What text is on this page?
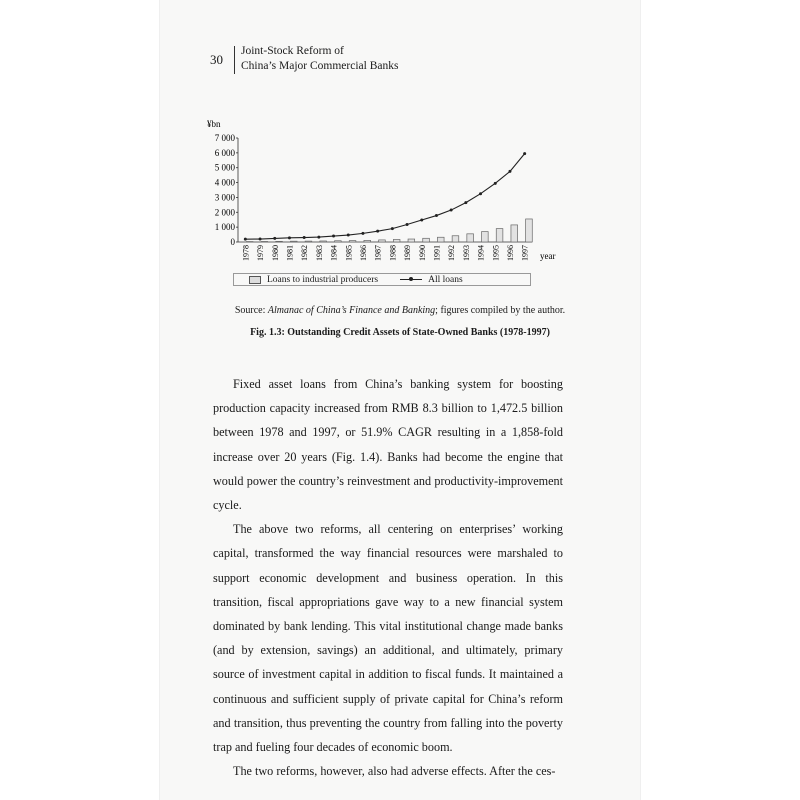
30
Joint-Stock Reform of
China’s Major Commercial Banks
¥bn
0
1 000
2 000
3 000
4 000
5 000
6 000
7 000
1978 1979 1980 1981 1982 1983 1984 1985 1986 1987 1988 1989 1990 1991 1992 1993 1994 1995 1996 1997 year
Loans to industrial producers	All loans
Source: Almanac of China’s Finance and Banking; figures compiled by the author.
Fig. 1.3: Outstanding Credit Assets of State-Owned Banks (1978-1997)

Fixed asset loans from China’s banking system for boosting production capacity increased from RMB 8.3 billion to 1,472.5 billion between 1978 and 1997, or 51.9% CAGR resulting in a 1,858-fold increase over 20 years (Fig. 1.4). Banks had become the engine that would power the country’s reinvestment and productivity-improvement cycle.

The above two reforms, all centering on enterprises’ working capital, transformed the way financial resources were marshaled to support economic development and business operation. In this transition, fiscal appropriations gave way to a new financial system dominated by bank lending. This vital institutional change made banks (and by extension, savings) an additional, and ultimately, primary source of investment capital in addition to fiscal funds. It maintained a continuous and sufficient supply of private capital for China’s reform and transition, thus preventing the country from falling into the poverty trap and fueling four decades of economic boom.

The two reforms, however, also had adverse effects. After the ces-
